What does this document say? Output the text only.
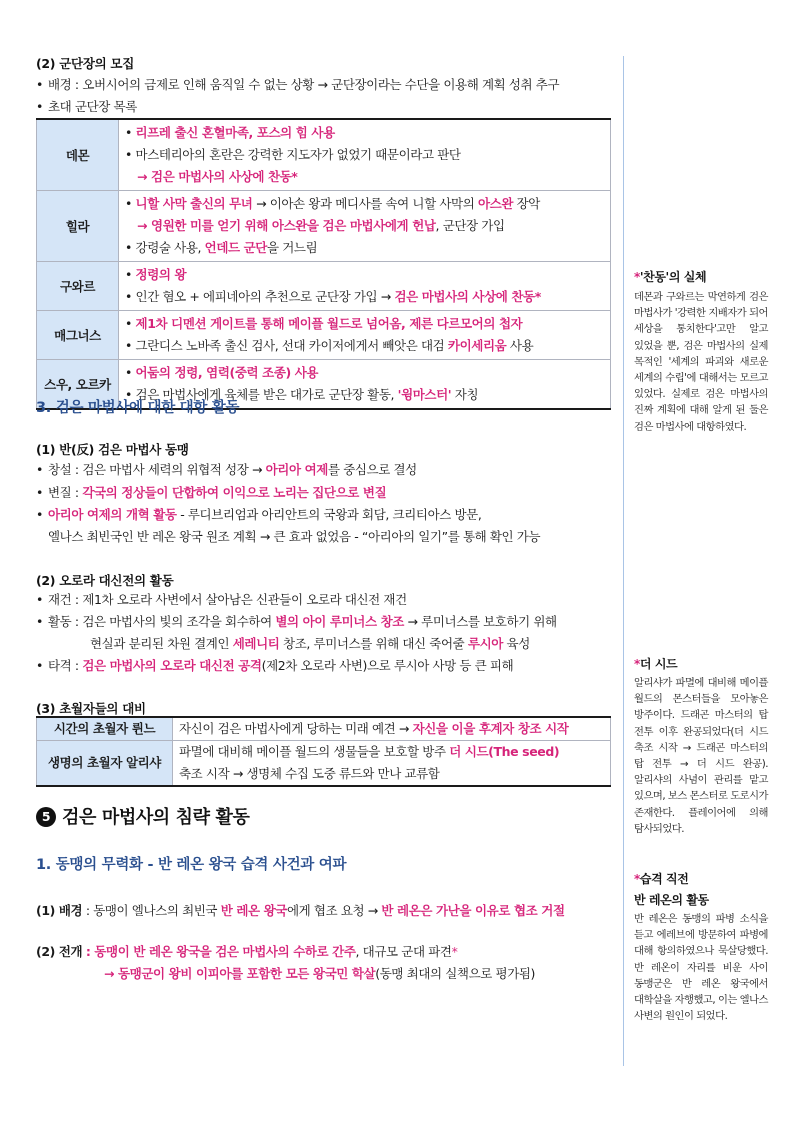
(2) 군단장의 모집
• 배경 : 오버시어의 금제로 인해 움직일 수 없는 상황 → 군단장이라는 수단을 이용해 계획 성취 추구
• 초대 군단장 목록
데몬	• 리프레 출신 혼혈마족, 포스의 힘 사용
• 마스테리아의 혼란은 강력한 지도자가 없었기 때문이라고 판단
→ 검은 마법사의 사상에 찬동*

힐라	• 니할 사막 출신의 무녀 → 이아손 왕과 메디사를 속여 니할 사막의 아스완 장악
→ 영원한 미를 얻기 위해 아스완을 검은 마법사에게 헌납, 군단장 가입
• 강령술 사용, 언데드 군단을 거느림

구와르	• 정령의 왕
• 인간 혐오 + 에피네아의 추천으로 군단장 가입 → 검은 마법사의 사상에 찬동*

매그너스	• 제1차 디멘션 게이트를 통해 메이플 월드로 넘어옴, 제른 다르모어의 첩자
• 그란디스 노바족 출신 검사, 선대 카이저에게서 빼앗은 대검 카이세리움 사용

스우, 오르카	• 어둠의 정령, 염력(중력 조종) 사용
• 검은 마법사에게 육체를 받은 대가로 군단장 활동, '윙마스터' 자칭
3. 검은 마법사에 대한 대항 활동
(1) 반(反) 검은 마법사 동맹
• 창설 : 검은 마법사 세력의 위협적 성장 → 아리아 여제를 중심으로 결성
• 변질 : 각국의 정상들이 단합하여 이익으로 노리는 집단으로 변질
• 아리아 여제의 개혁 활동 - 루디브리엄과 아리안트의 국왕과 회담, 크리티아스 방문,
엘나스 최빈국인 반 레온 왕국 원조 계획 → 큰 효과 없었음 - “아리아의 일기”를 통해 확인 가능
(2) 오로라 대신전의 활동
• 재건 : 제1차 오로라 사변에서 살아남은 신관들이 오로라 대신전 재건
• 활동 : 검은 마법사의 빛의 조각을 회수하여 별의 아이 루미너스 창조 → 루미너스를 보호하기 위해
현실과 분리된 차원 결계인 세레니티 창조, 루미너스를 위해 대신 죽어줄 루시아 육성
• 타격 : 검은 마법사의 오로라 대신전 공격(제2차 오로라 사변)으로 루시아 사망 등 큰 피해
(3) 초월자들의 대비
시간의 초월자 륀느	자신이 검은 마법사에게 당하는 미래 예견 → 자신을 이을 후계자 창조 시작
생명의 초월자 알리샤	파멸에 대비해 메이플 월드의 생물들을 보호할 방주 더 시드(The seed)
축조 시작 → 생명체 수집 도중 류드와 만나 교류함
5 검은 마법사의 침략 활동
1. 동맹의 무력화 - 반 레온 왕국 습격 사건과 여파
(1) 배경 : 동맹이 엘나스의 최빈국 반 레온 왕국에게 협조 요청 → 반 레온은 가난을 이유로 협조 거절
(2) 전개 : 동맹이 반 레온 왕국을 검은 마법사의 수하로 간주, 대규모 군대 파견*
→ 동맹군이 왕비 이피아를 포함한 모든 왕국민 학살(동맹 최대의 실책으로 평가됨)
*'찬동'의 실체
데몬과 구와르는 막연하게 검은 마법사가 '강력한 지배자가 되어 세상을 통치한다'고만 알고 있었을 뿐, 검은 마법사의 실제 목적인 '세계의 파괴와 새로운 세계의 수립'에 대해서는 모르고 있었다. 실제로 검은 마법사의 진짜 계획에 대해 알게 된 둘은 검은 마법사에 대항하였다.
*더 시드
알리샤가 파멸에 대비해 메이플 월드의 몬스터들을 모아놓은 방주이다. 드래곤 마스터의 탑 전투 이후 완공되었다(더 시드 축조 시작 → 드래곤 마스터의 탑 전투 → 더 시드 완공). 알리샤의 사념이 관리를 맡고 있으며, 보스 몬스터로 도로시가 존재한다. 플레이어에 의해 탐사되었다.
*습격 직전
반 레온의 활동
반 레온은 동맹의 파병 소식을 듣고 에레브에 방문하여 파병에 대해 항의하였으나 묵살당했다. 반 레온이 자리를 비운 사이 동맹군은 반 레온 왕국에서 대학살을 자행했고, 이는 엘나스 사변의 원인이 되었다.
